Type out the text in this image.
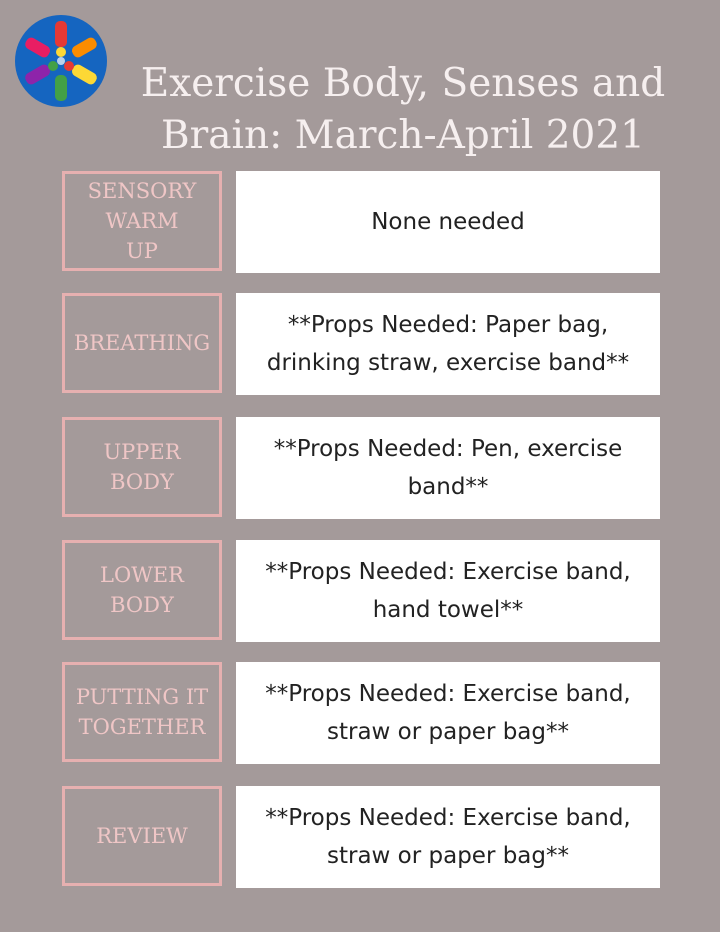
Exercise Body, Senses and Brain: March-April 2021
SENSORY
WARM
UP
None needed
BREATHING
**Props Needed: Paper bag, drinking straw, exercise band**
UPPER
BODY
**Props Needed: Pen, exercise band**
LOWER
BODY
**Props Needed: Exercise band, hand towel**
PUTTING IT
TOGETHER
**Props Needed: Exercise band, straw or paper bag**
REVIEW
**Props Needed: Exercise band, straw or paper bag**
